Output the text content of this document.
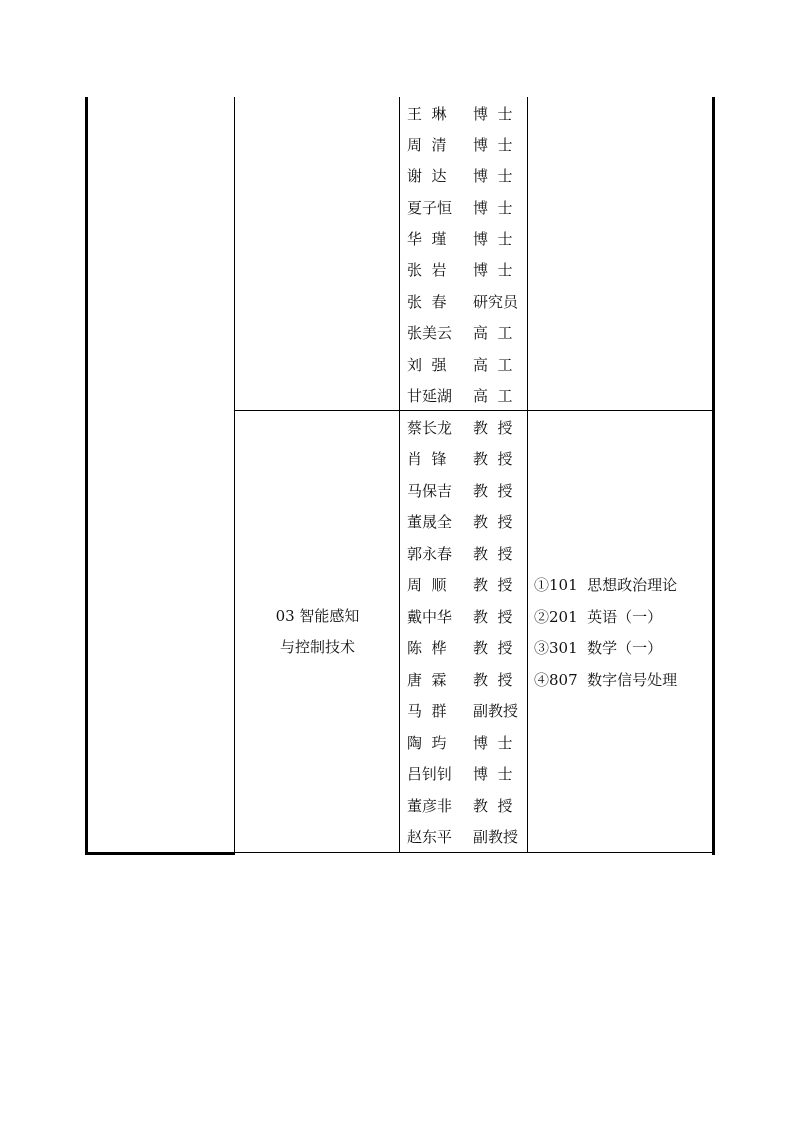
王  琳 博  士
周  清 博  士
谢  达 博  士
夏子恒 博  士
华  瑾 博  士
张  岩 博  士
张  春 研究员
张美云 高  工
刘  强 高  工
甘延湖 高  工
03 智能感知
与控制技术
蔡长龙 教  授
肖  锋 教  授
马保吉 教  授
董晟全 教  授
郭永春 教  授
周  顺 教  授
戴中华 教  授
陈  桦 教  授
唐  霖 教  授
马  群 副教授
陶  玙 博  士
吕钊钊 博  士
董彦非 教  授
赵东平 副教授
①101  思想政治理论
②201  英语（一）
③301  数学（一）
④807  数字信号处理
